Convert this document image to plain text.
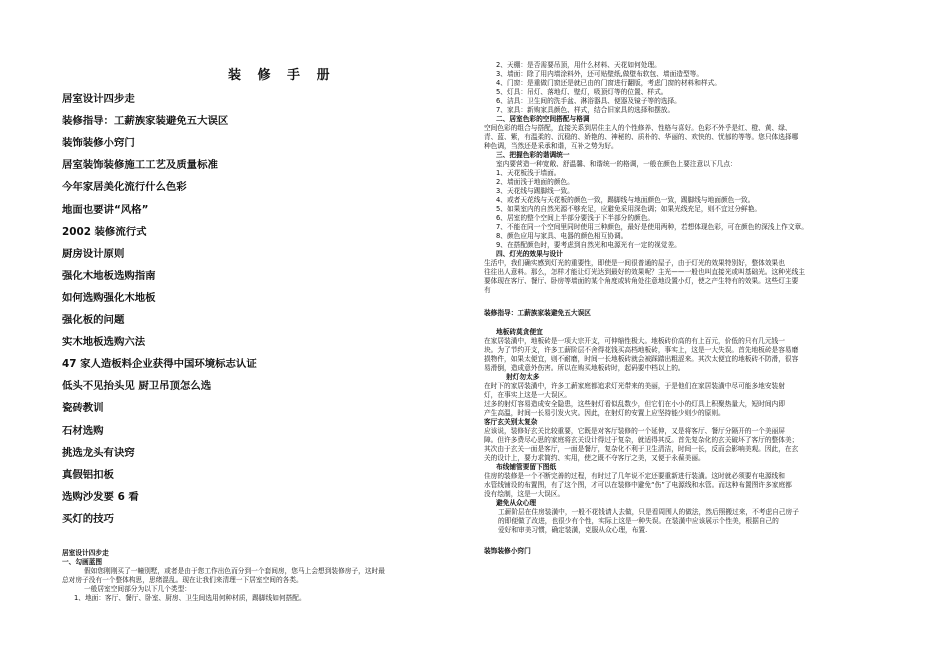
装 修 手 册
居室设计四步走
装修指导：工薪族家装避免五大误区
装饰装修小窍门
居室装饰装修施工工艺及质量标准
今年家居美化流行什么色彩
地面也要讲“风格”
2002 装修流行式
厨房设计原则
强化木地板选购指南
如何选购强化木地板
强化板的问题
实木地板选购六法
47 家人造板料企业获得中国环境标志认证
低头不见抬头见 厨卫吊顶怎么选
瓷砖教训
石材选购
挑选龙头有诀窍
真假铝扣板
选购沙发要 6 看
买灯的技巧
居室设计四步走
一、勾画蓝图
假如您刚刚买了一幢别墅，或者是由于您工作出色而分到一个套间房，您马上会想到装修房子，这时最
总对房子没有一个整体构思，思绪混乱。现在让我们来清理一下居室空间的各类。
一般居室空间部分为以下几个类型：
1、地面：客厅、餐厅、卧室、厨房、卫生间选用何种材质，踢脚线如何搭配。
2、天棚：是否需要吊顶，用什么材料、天花如何处理。
3、墙面：除了用内墙涂料外，还可贴壁纸,做壁布软包、墙面造型等。
4、门窗：是重做门窗还是就已由的门窗进行翻版，考虑门窗的材料和样式。
5、灯具：吊灯、落地灯、壁灯，吸顶灯等的位置、样式。
6、洁具：卫生间的洗手盆、淋浴器具、便器及镜子等的选择。
7、家具：新购家具颜色、样式，结合旧家具的选择和摆放。
二、居室色彩的空间搭配与格调
空间色彩的组合与搭配，直接关系到居住主人的个性修养、性格与喜好。色彩不外乎是红、橙、黄、绿、
青、蓝、紫，有温柔的、沉稳的、娇艳的、神秘的、质朴的、华丽的、欢快的、忧郁的等等。您只体选择哪
种色调，当然还是采承和谐，互补之势为好。
三、把握色彩的谐调统一
室内要营造一种宽敞、舒温馨、和谐统一的格调，一般在颜色上要注意以下几点：
1、天花板浅于墙面。
2、墙面浅于地面的颜色。
3、天花线与踢脚线一致。
4、或者天花线与天花板的颜色一致，踢脚线与地面颜色一致，踢脚线与地面颜色一致。
5、如果室内的自然光源不够充足，应避免采用深色调；如果光线充足，则不宜过分鲜艳。
6、居室的整个空间上半部分要浅于下半部分的颜色。
7、不能在同一个空间里同时使用三种颜色，最好是使用两种，若想体现色彩，可在颜色的深浅上作文章。
8、颜色应用与家具、电器的颜色相互协调。
9、在搭配颜色时，要考虑到自然光和电源光有一定的视觉差。
四、灯光的效果与设计
生活中，我们确实感到灯光的重要性，即使是一间很普通的屋子，由于灯光的效果特别好，整体效果也
往往出人意料。那么，怎样才能让灯光达到最好的效果呢？主光——一般也叫直接光或叫基础光。这种光线主
要体现在客厅、餐厅、卧房等墙面的某个角度或转角处往意地设置小灯，使之产生特有的效果。这些灯主要
有
装修指导：工薪族家装避免五大误区
地板砖莫贪便宜
在家居装潢中，地板砖是一项大宗开支，可伸缩性极大。地板砖价高的有上百元，价低的只有几元钱一
块。为了节约开支，许多工薪阶层不舍得花钱买高档地板砖，事实上，这是一大失误。首先地板砖是容易磨
损物件，如果太便宜，则不耐磨，时间一长地板砖就会被踩踏出粗涩来。其次太便宜的地板砖不防滑，很容
易滑倒，造成意外伤害。所以在购买地板砖时，起码要中档以上的。
射灯勿太多
在时下的家居装潢中，许多工薪家庭都追求灯光带来的美丽，于是他们在家居装潢中尽可能多地安装射
灯，在事实上这是一大误区。
过多的射灯容易造成安全隐患，这些射灯看似乱数少，但它们在小小的灯具上积聚热量大，短时间内即
产生高温，时间一长易引发火灾。因此，在射灯的安置上应坚持能少则少的原则。
客厅玄关别太复杂
应该说，装修好玄关比较重要，它既是对客厅装修的一个延伸，又是将客厅、餐厅分隔开的一个美丽屏
障。但许多费尽心思的家庭将玄关设计得过于复杂，就适得其反。首先复杂化的玄关破坏了客厅的整体美；
其次由于玄关一面是客厅，一面是餐厅，复杂化不利于卫生清洁，时间一长，反而会影响美观。因此，在玄
关的设计上，要力求简约、实用，使之既不夺客厅之美，又便于永葆美丽。
布线铺管要留下图纸
住房的装修是一个不断完善的过程，有时过了几年说不定还要重新进行装潢。这时就必须要有电源线和
水管线铺设的布置图，有了这个图，才可以在装修中避免“伤”了电源线和水管。而这种布置图许多家庭都
没有绘制，这是一大误区。
避免从众心理
工薪阶层在住房装潢中，一般不花钱请人去做，只是看周围人的做法，然后照搬过来，不考虑自己房子
的即便做了改进，也很少有个性，实际上这是一种失误。在装潢中应该展示个性美，根据自己的
爱好和审美习惯，确定装潢，克服从众心理，布置.
装饰装修小窍门
